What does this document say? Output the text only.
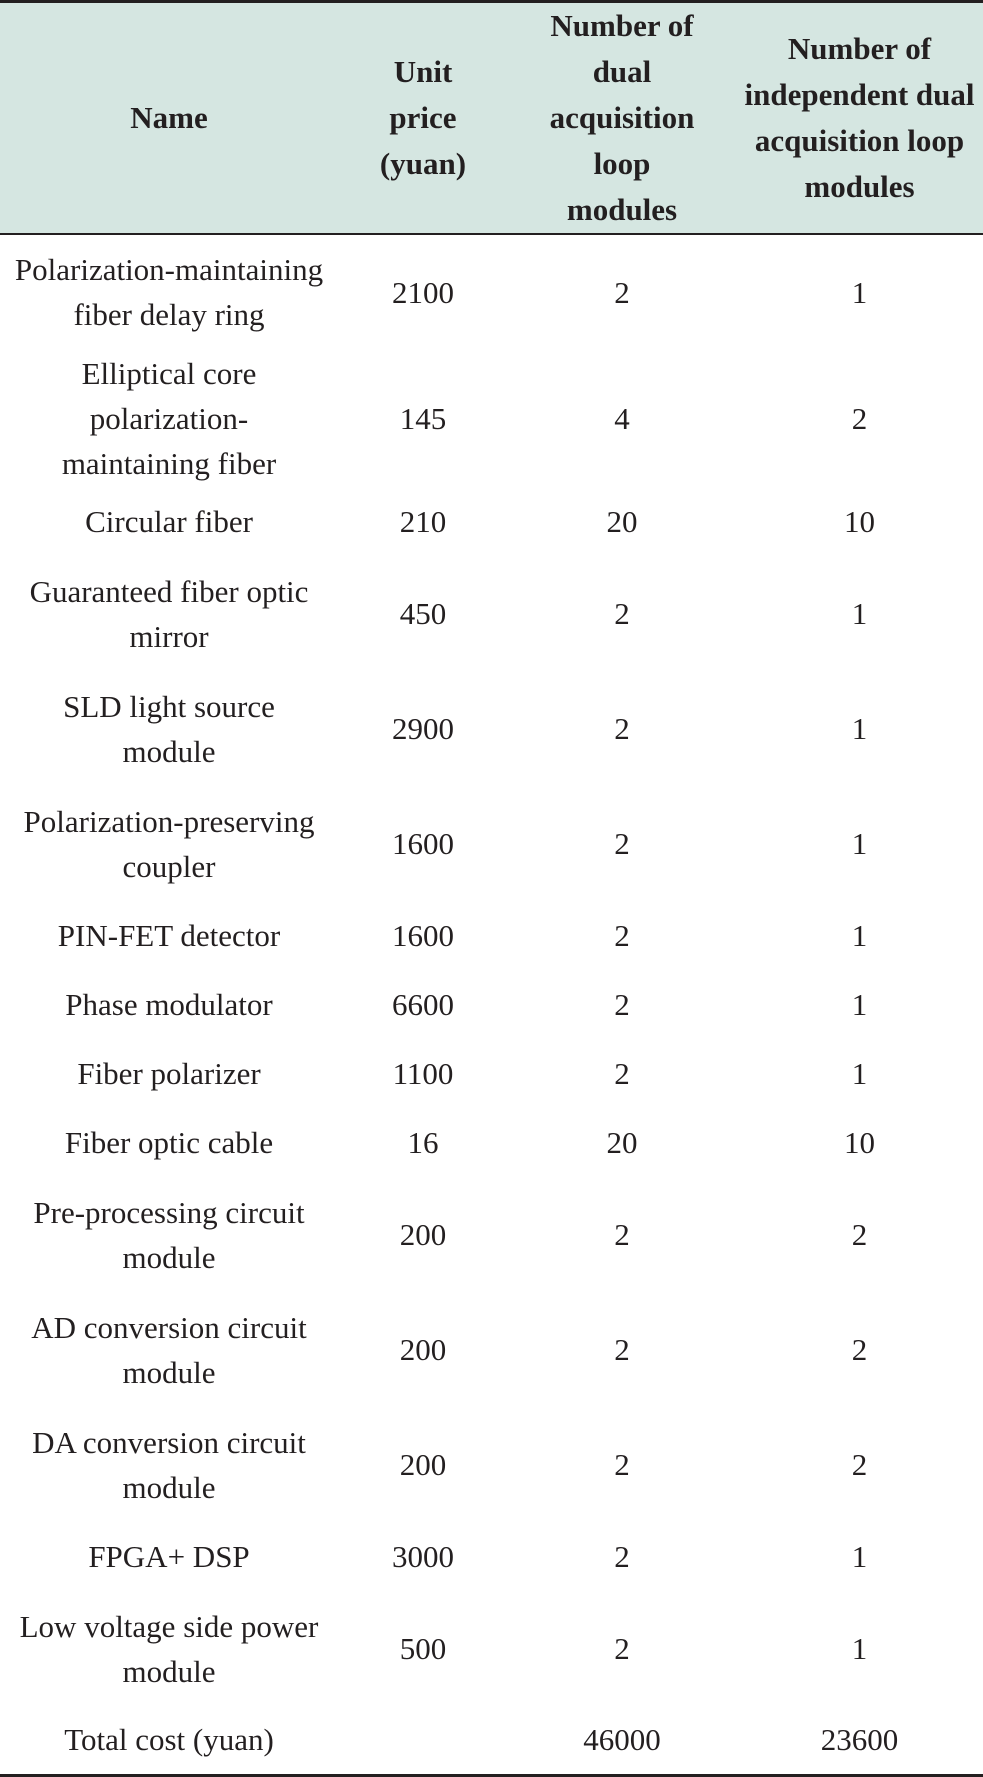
Name	Unit price (yuan)	Number of dual acquisition loop modules	Number of independent dual acquisition loop modules
Polarization-maintaining fiber delay ring	2100	2	1
Elliptical core polarization-maintaining fiber	145	4	2
Circular fiber	210	20	10
Guaranteed fiber optic mirror	450	2	1
SLD light source module	2900	2	1
Polarization-preserving coupler	1600	2	1
PIN-FET detector	1600	2	1
Phase modulator	6600	2	1
Fiber polarizer	1100	2	1
Fiber optic cable	16	20	10
Pre-processing circuit module	200	2	2
AD conversion circuit module	200	2	2
DA conversion circuit module	200	2	2
FPGA+ DSP	3000	2	1
Low voltage side power module	500	2	1
Total cost (yuan)		46000	23600
